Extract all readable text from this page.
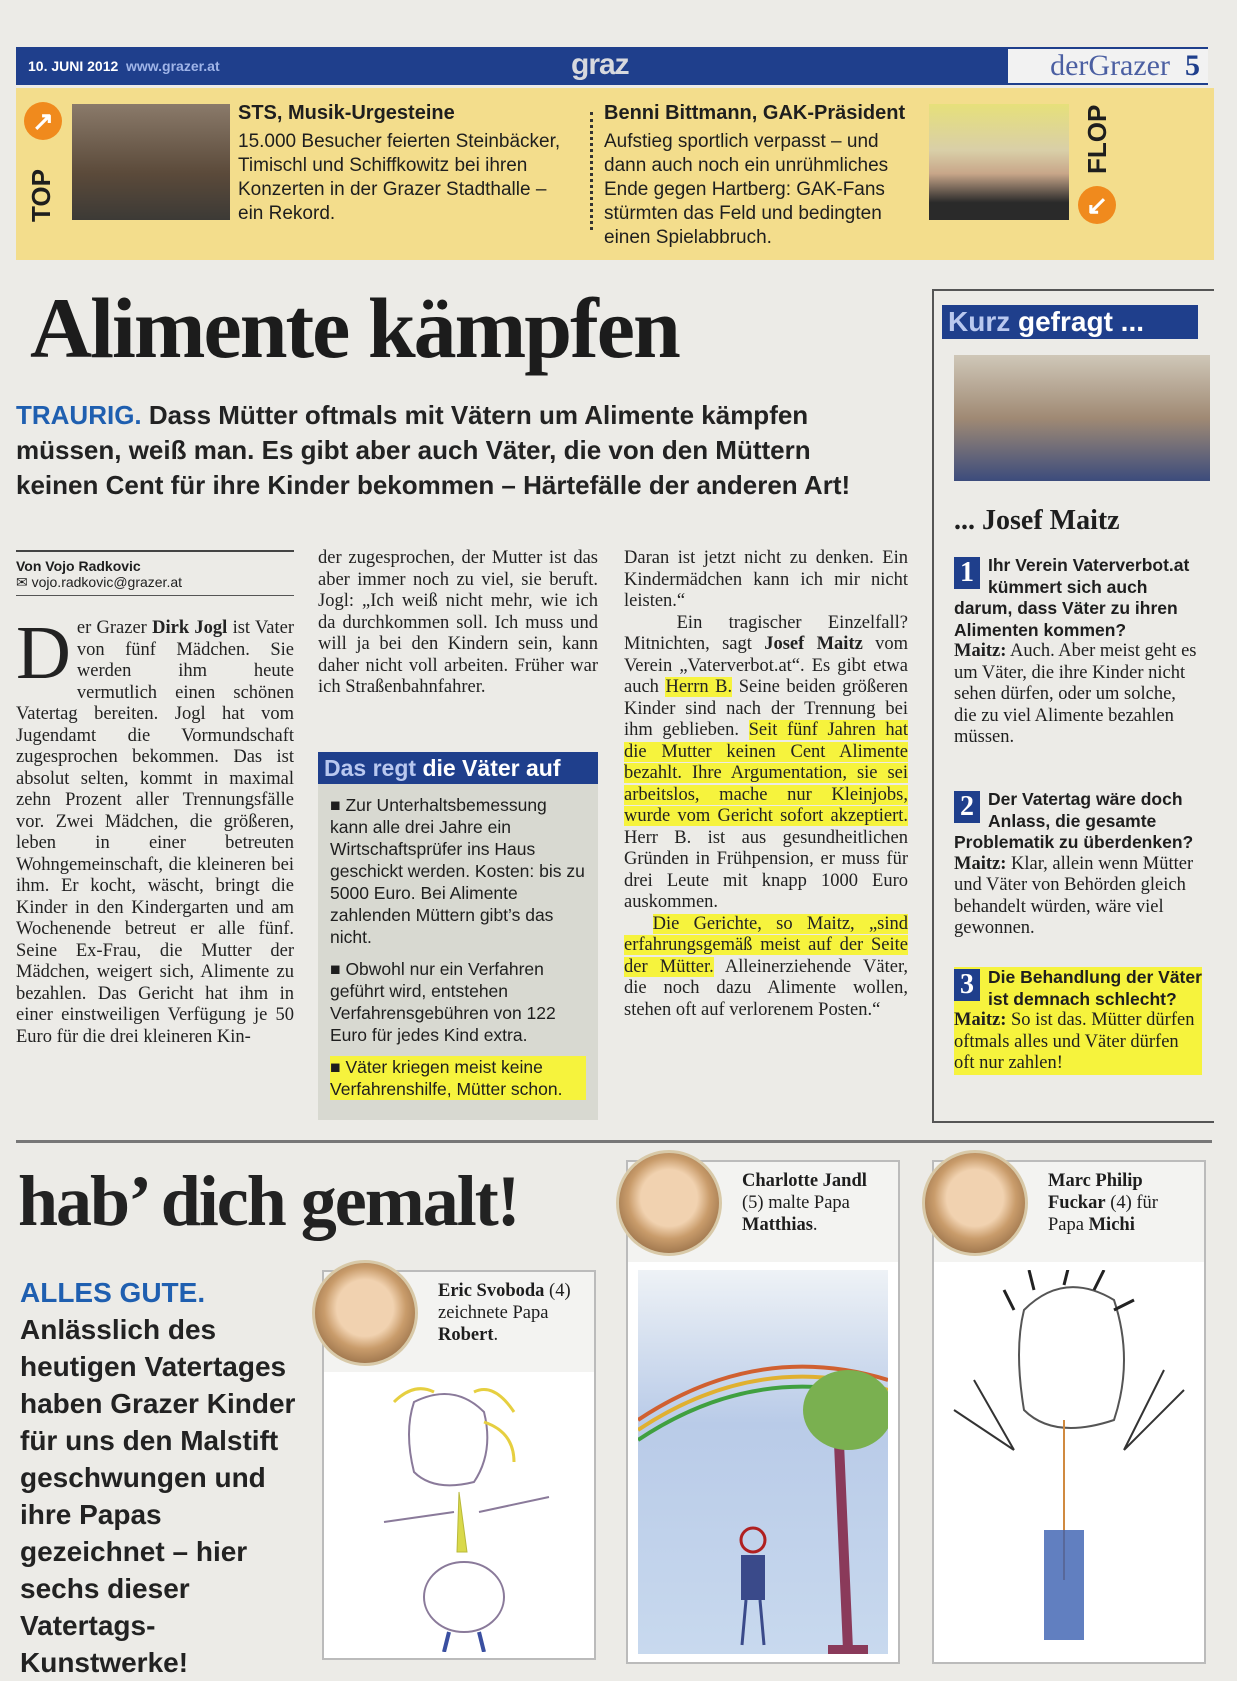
10. JUNI 2012 www.grazer.at	graz	derGrazer 5
↗
TOP
STS, Musik-Urgesteine
15.000 Besucher feierten Steinbäcker, Timischl und Schiffkowitz bei ihren Konzerten in der Grazer Stadthalle – ein Rekord.
Benni Bittmann, GAK-Präsident
Aufstieg sportlich verpasst – und dann auch noch ein unrühmliches Ende gegen Hartberg: GAK-Fans stürmten das Feld und bedingten einen Spielabbruch.
FLOP
↙
Alimente kämpfen
TRAURIG. Dass Mütter oftmals mit Vätern um Alimente kämpfen müssen, weiß man. Es gibt aber auch Väter, die von den Müttern keinen Cent für ihre Kinder bekommen – Härtefälle der anderen Art!
Von Vojo Radkovic
✉ vojo.radkovic@grazer.at
Der Grazer Dirk Jogl ist Vater von fünf Mädchen. Sie werden ihm heute vermutlich einen schönen Vatertag bereiten. Jogl hat vom Jugendamt die Vormundschaft zugesprochen bekommen. Das ist absolut selten, kommt in maximal zehn Prozent aller Trennungsfälle vor. Zwei Mädchen, die größeren, leben in einer betreuten Wohngemeinschaft, die kleineren bei ihm. Er kocht, wäscht, bringt die Kinder in den Kindergarten und am Wochenende betreut er alle fünf. Seine Ex-Frau, die Mutter der Mädchen, weigert sich, Alimente zu bezahlen. Das Gericht hat ihm in einer einstweiligen Verfügung je 50 Euro für die drei kleineren Kin-
der zugesprochen, der Mutter ist das aber immer noch zu viel, sie beruft. Jogl: „Ich weiß nicht mehr, wie ich da durchkommen soll. Ich muss und will ja bei den Kindern sein, kann daher nicht voll arbeiten. Früher war ich Straßenbahnfahrer.
Das regt die Väter auf
■ Zur Unterhaltsbemessung kann alle drei Jahre ein Wirtschaftsprüfer ins Haus geschickt werden. Kosten: bis zu 5000 Euro. Bei Alimente zahlenden Müttern gibt’s das nicht.
■ Obwohl nur ein Verfahren geführt wird, entstehen Verfahrensgebühren von 122 Euro für jedes Kind extra.
■ Väter kriegen meist keine Verfahrenshilfe, Mütter schon.
Daran ist jetzt nicht zu denken. Ein Kindermädchen kann ich mir nicht leisten.“
Ein tragischer Einzelfall? Mitnichten, sagt Josef Maitz vom Verein „Vaterverbot.at“. Es gibt etwa auch Herrn B. Seine beiden größeren Kinder sind nach der Trennung bei ihm geblieben. Seit fünf Jahren hat die Mutter keinen Cent Alimente bezahlt. Ihre Argumentation, sie sei arbeitslos, mache nur Kleinjobs, wurde vom Gericht sofort akzeptiert. Herr B. ist aus gesundheitlichen Gründen in Frühpension, er muss für drei Leute mit knapp 1000 Euro auskommen.
Die Gerichte, so Maitz, „sind erfahrungsgemäß meist auf der Seite der Mütter. Alleinerziehende Väter, die noch dazu Alimente wollen, stehen oft auf verlorenem Posten.“
Kurz gefragt ...
... Josef Maitz
1 Ihr Verein Vaterverbot.at kümmert sich auch darum, dass Väter zu ihren Alimenten kommen?
Maitz: Auch. Aber meist geht es um Väter, die ihre Kinder nicht sehen dürfen, oder um solche, die zu viel Alimente bezahlen müssen.
2 Der Vatertag wäre doch Anlass, die gesamte Problematik zu überdenken?
Maitz: Klar, allein wenn Mütter und Väter von Behörden gleich behandelt würden, wäre viel gewonnen.
3 Die Behandlung der Väter ist demnach schlecht?
Maitz: So ist das. Mütter dürfen oftmals alles und Väter dürfen oft nur zahlen!
hab’ dich gemalt!
ALLES GUTE. Anlässlich des heutigen Vatertages haben Grazer Kinder für uns den Malstift geschwungen und ihre Papas gezeichnet – hier sechs dieser Vatertags-Kunstwerke!
Eric Svoboda (4) zeichnete Papa Robert.
Charlotte Jandl (5) malte Papa Matthias.
Marc Philip Fuckar (4) für Papa Michi
